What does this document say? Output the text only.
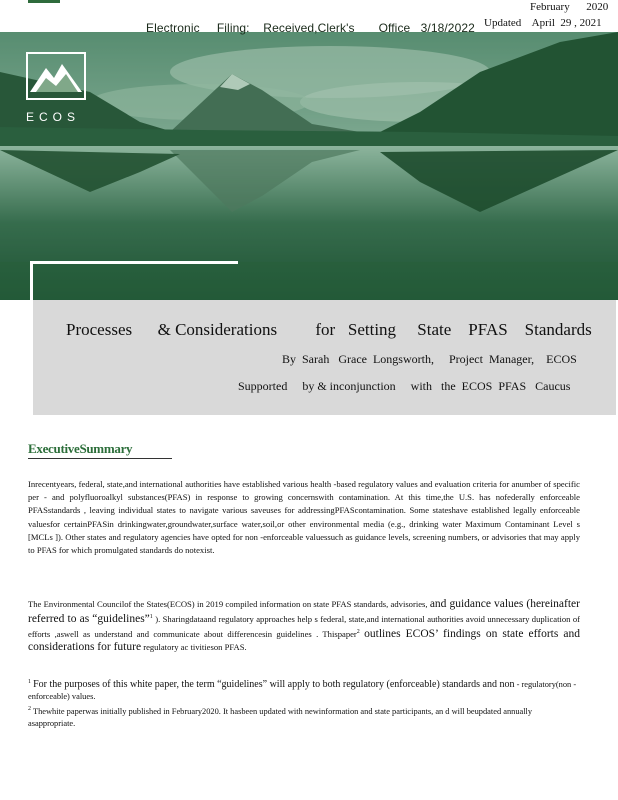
February      2020
Updated    April  29 , 2021
Electronic     Filing:    Received,Clerk's       Office   3/18/2022
ECOS
Processes      & Considerations         for   Setting     State    PFAS    Standards
By  Sarah   Grace  Longsworth,     Project  Manager,    ECOS
Supported     by & inconjunction     with   the  ECOS  PFAS   Caucus
ExecutiveSummary
Inrecentyears, federal, state,and international authorities have established various health -based regulatory values and evaluation criteria for anumber of specific per - and polyfluoroalkyl substances(PFAS) in response to growing concernswith contamination. At this time,the U.S. has nofederally enforceable PFASstandards , leaving individual states to navigate various saveuses for addressingPFAScontamination. Some stateshave established legally enforceable valuesfor certainPFASin drinkingwater,groundwater,surface water,soil,or other environmental media (e.g., drinking water Maximum Contaminant Level s [MCLs ]). Other states and regulatory agencies have opted for non -enforceable valuessuch as guidance levels, screening numbers, or advisories that may apply to PFAS for which promulgated standards do notexist.
The Environmental Councilof the States(ECOS) in 2019 compiled information on state PFAS standards, advisories, and guidance values (hereinafter referred to as “guidelines”$^1$ ). Sharingdataand regulatory approaches help s federal, state,and international authorities avoid unnecessary duplication of efforts ,aswell as understand and communicate about differencesin guidelines . Thispaper$^2$ outlines ECOS’ findings on state efforts and considerations for future regulatory ac tivitieson PFAS.
$^1$ For the purposes of this white paper, the term “guidelines” will apply to both regulatory (enforceable) standards and non - regulatory(non -enforceable) values.
$^2$ Thewhite paperwas initially published in February2020. It hasbeen updated with newinformation and state participants, an d will beupdated annually asappropriate.
